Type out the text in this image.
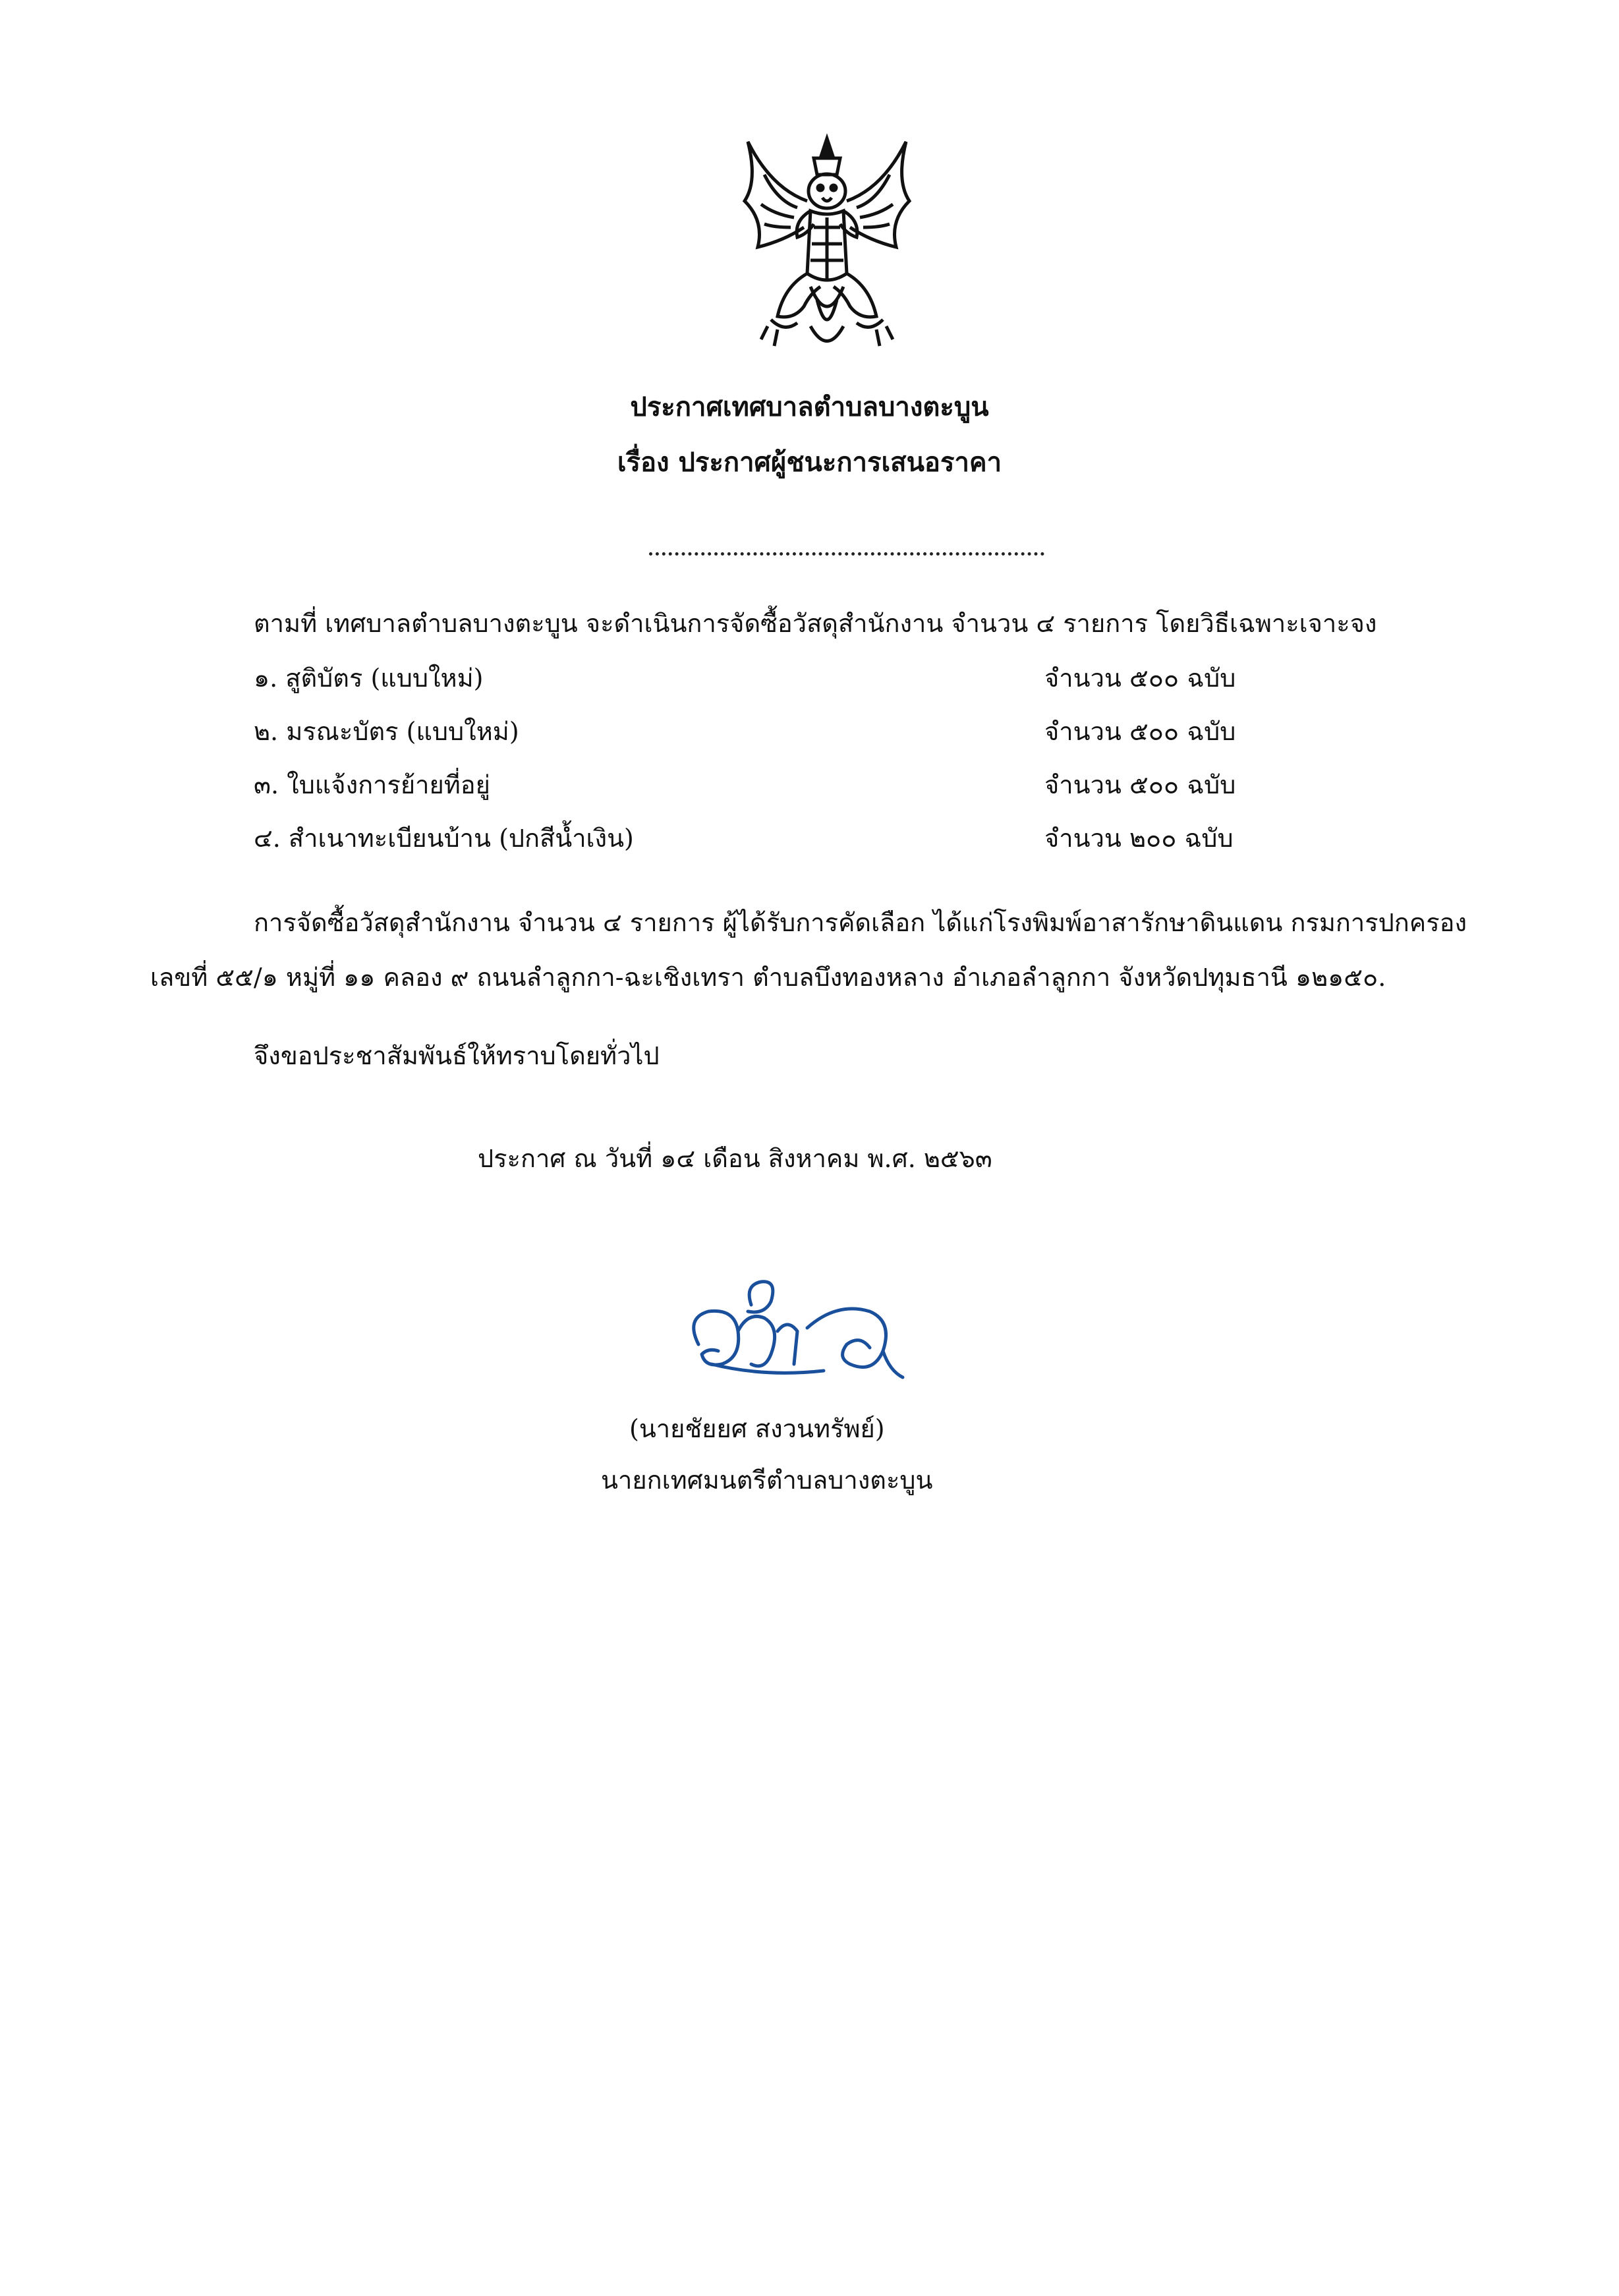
ประกาศเทศบาลตำบลบางตะบูน
เรื่อง ประกาศผู้ชนะการเสนอราคา
ตามที่ เทศบาลตำบลบางตะบูน จะดำเนินการจัดซื้อวัสดุสำนักงาน จำนวน ๔ รายการ โดยวิธีเฉพาะเจาะจง
๑. สูติบัตร (แบบใหม่)	จำนวน ๕๐๐ ฉบับ
๒. มรณะบัตร (แบบใหม่)	จำนวน ๕๐๐ ฉบับ
๓. ใบแจ้งการย้ายที่อยู่	จำนวน ๕๐๐ ฉบับ
๔. สำเนาทะเบียนบ้าน (ปกสีน้ำเงิน)	จำนวน ๒๐๐ ฉบับ
การจัดซื้อวัสดุสำนักงาน จำนวน ๔ รายการ ผู้ได้รับการคัดเลือก ได้แก่โรงพิมพ์อาสารักษาดินแดน กรมการปกครอง
เลขที่ ๕๕/๑ หมู่ที่ ๑๑ คลอง ๙ ถนนลำลูกกา-ฉะเชิงเทรา ตำบลบึงทองหลาง อำเภอลำลูกกา จังหวัดปทุมธานี ๑๒๑๕๐.
จึงขอประชาสัมพันธ์ให้ทราบโดยทั่วไป
ประกาศ ณ วันที่ ๑๔ เดือน สิงหาคม พ.ศ. ๒๕๖๓
(นายชัยยศ สงวนทรัพย์)
นายกเทศมนตรีตำบลบางตะบูน
